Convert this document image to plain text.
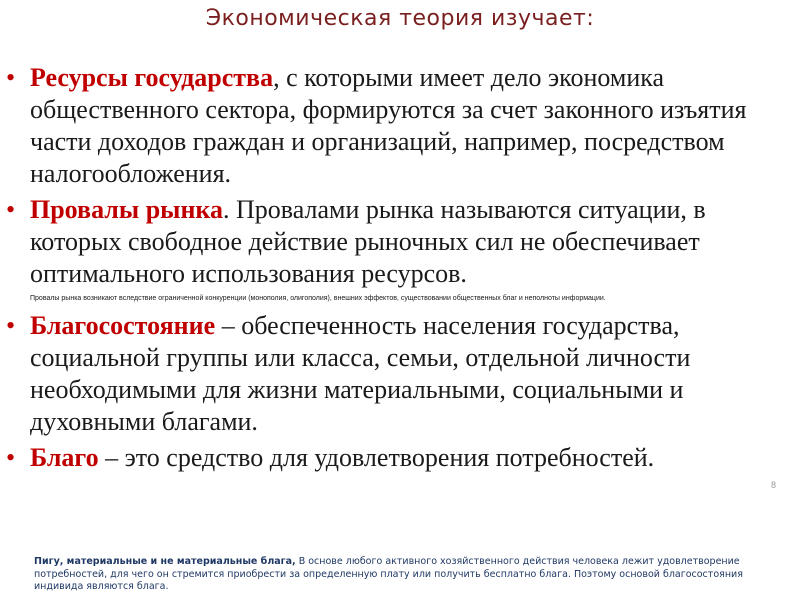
Экономическая теория изучает:
• Ресурсы государства, с которыми имеет дело экономика общественного сектора, формируются за счет законного изъятия части доходов граждан и организаций, например, посредством налогообложения.
• Провалы рынка. Провалами рынка называются ситуации, в которых свободное действие рыночных сил не обеспечивает оптимального использования ресурсов.
Провалы рынка возникают вследствие ограниченной конкуренции (монополия, олигополия), внешних эффектов, существовании общественных благ и неполноты информации.
• Благосостояние – обеспеченность населения государства, социальной группы или класса, семьи, отдельной личности необходимыми для жизни материальными, социальными и духовными благами.
• Благо – это средство для удовлетворения потребностей.
8
Пигу, материальные и не материальные блага, В основе любого активного хозяйственного действия человека лежит удовлетворение потребностей, для чего он стремится приобрести за определенную плату или получить бесплатно блага. Поэтому основой благосостояния индивида являются блага.
